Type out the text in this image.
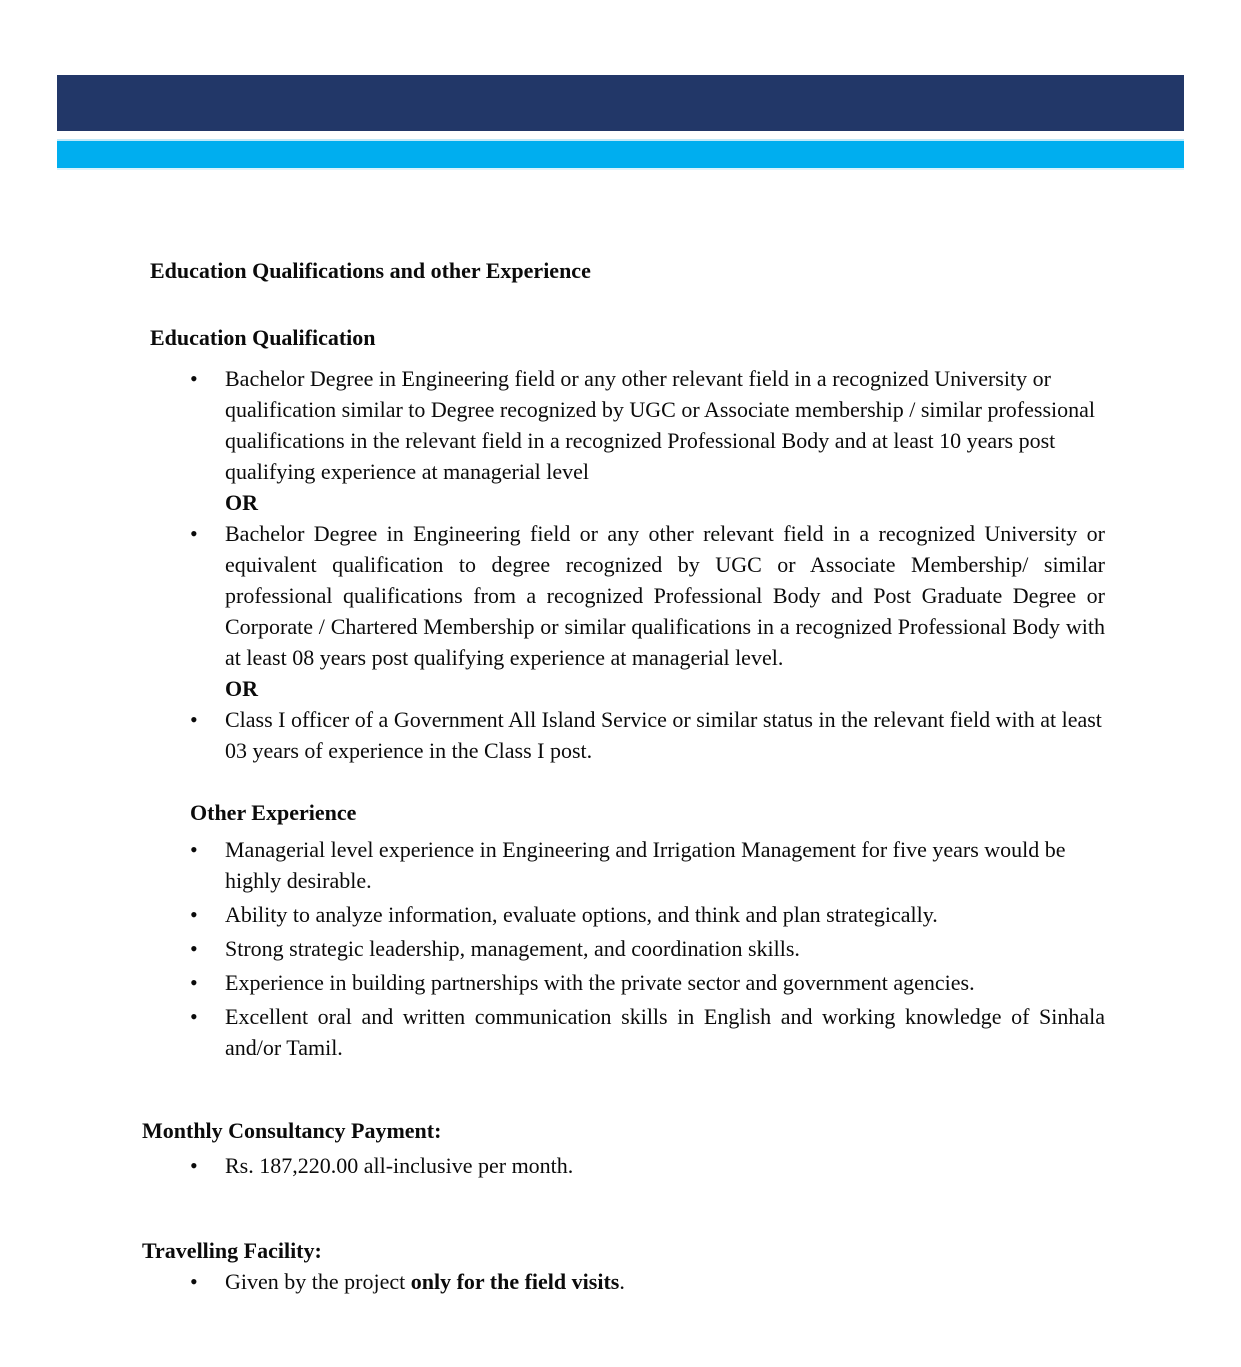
Education Qualifications and other Experience
Education Qualification
• Bachelor Degree in Engineering field or any other relevant field in a recognized University or qualification similar to Degree recognized by UGC or Associate membership / similar professional qualifications in the relevant field in a recognized Professional Body and at least 10 years post qualifying experience at managerial level
OR
• Bachelor Degree in Engineering field or any other relevant field in a recognized University or equivalent qualification to degree recognized by UGC or Associate Membership/ similar professional qualifications from a recognized Professional Body and Post Graduate Degree or Corporate / Chartered Membership or similar qualifications in a recognized Professional Body with at least 08 years post qualifying experience at managerial level.
OR
• Class I officer of a Government All Island Service or similar status in the relevant field with at least 03 years of experience in the Class I post.
Other Experience
• Managerial level experience in Engineering and Irrigation Management for five years would be highly desirable.
• Ability to analyze information, evaluate options, and think and plan strategically.
• Strong strategic leadership, management, and coordination skills.
• Experience in building partnerships with the private sector and government agencies.
• Excellent oral and written communication skills in English and working knowledge of Sinhala and/or Tamil.
Monthly Consultancy Payment:
• Rs. 187,220.00 all-inclusive per month.
Travelling Facility:
• Given by the project only for the field visits.
